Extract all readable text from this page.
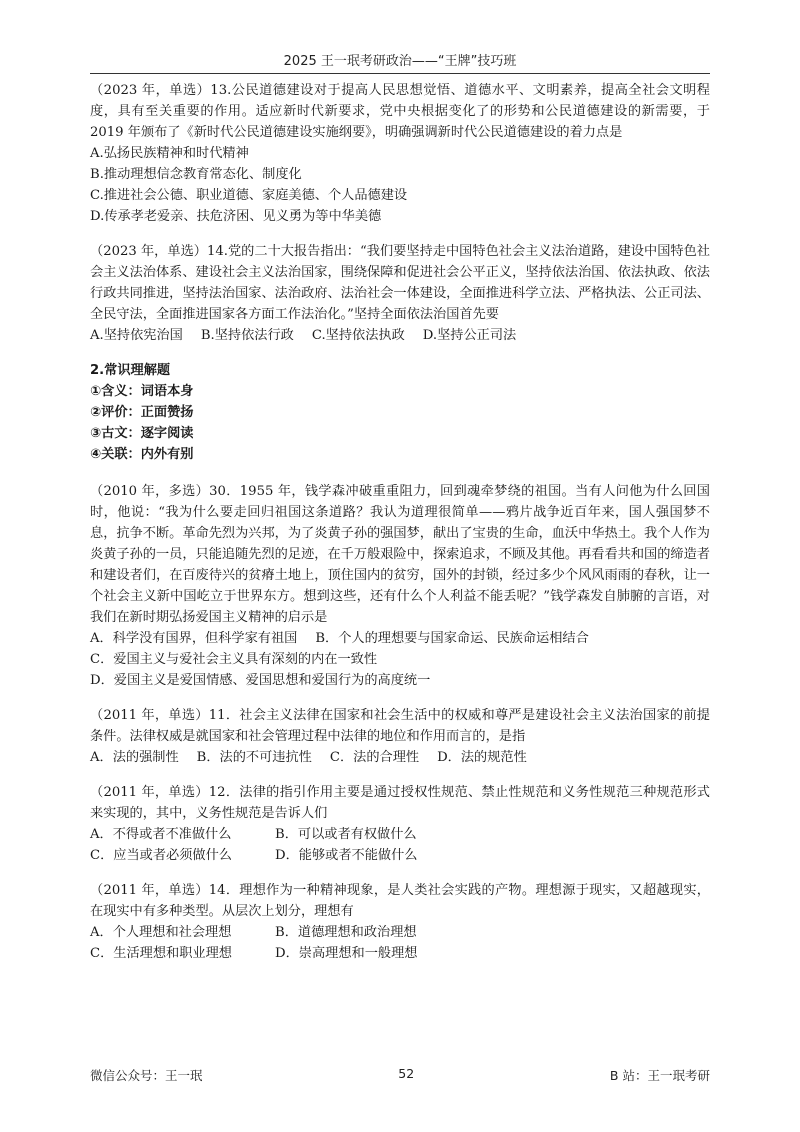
2025 王一珉考研政治——“王牌”技巧班

（2023 年，单选）13.公民道德建设对于提高人民思想觉悟、道德水平、文明素养，提高全社会文明程度，具有至关重要的作用。适应新时代新要求，党中央根据变化了的形势和公民道德建设的新需要，于 2019 年颁布了《新时代公民道德建设实施纲要》，明确强调新时代公民道德建设的着力点是

A.弘扬民族精神和时代精神

B.推动理想信念教育常态化、制度化

C.推进社会公德、职业道德、家庭美德、个人品德建设

D.传承孝老爱亲、扶危济困、见义勇为等中华美德

（2023 年，单选）14.党的二十大报告指出：“我们要坚持走中国特色社会主义法治道路，建设中国特色社会主义法治体系、建设社会主义法治国家，围绕保障和促进社会公平正义，坚持依法治国、依法执政、依法行政共同推进，坚持法治国家、法治政府、法治社会一体建设，全面推进科学立法、严格执法、公正司法、全民守法，全面推进国家各方面工作法治化。”坚持全面依法治国首先要

A.坚持依宪治国 B.坚持依法行政 C.坚持依法执政 D.坚持公正司法

2.常识理解题

①含义：词语本身

②评价：正面赞扬

③古文：逐字阅读

④关联：内外有别

（2010 年，多选）30．1955 年，钱学森冲破重重阻力，回到魂牵梦绕的祖国。当有人问他为什么回国时，他说：“我为什么要走回归祖国这条道路？我认为道理很简单——鸦片战争近百年来，国人强国梦不息，抗争不断。革命先烈为兴邦，为了炎黄子孙的强国梦，献出了宝贵的生命，血沃中华热土。我个人作为炎黄子孙的一员，只能追随先烈的足迹，在千万般艰险中，探索追求，不顾及其他。再看看共和国的缔造者和建设者们，在百废待兴的贫瘠土地上，顶住国内的贫穷，国外的封锁，经过多少个风风雨雨的春秋，让一个社会主义新中国屹立于世界东方。想到这些，还有什么个人利益不能丢呢？”钱学森发自肺腑的言语，对我们在新时期弘扬爱国主义精神的启示是

A．科学没有国界，但科学家有祖国 B．个人的理想要与国家命运、民族命运相结合

C．爱国主义与爱社会主义具有深刻的内在一致性

D．爱国主义是爱国情感、爱国思想和爱国行为的高度统一

（2011 年，单选）11．社会主义法律在国家和社会生活中的权威和尊严是建设社会主义法治国家的前提条件。法律权威是就国家和社会管理过程中法律的地位和作用而言的，是指

A．法的强制性 B．法的不可违抗性 C．法的合理性 D．法的规范性

（2011 年，单选）12．法律的指引作用主要是通过授权性规范、禁止性规范和义务性规范三种规范形式来实现的，其中，义务性规范是告诉人们

A．不得或者不准做什么	B．可以或者有权做什么
C．应当或者必须做什么	D．能够或者不能做什么

（2011 年，单选）14．理想作为一种精神现象，是人类社会实践的产物。理想源于现实，又超越现实，在现实中有多种类型。从层次上划分，理想有

A．个人理想和社会理想	B．道德理想和政治理想
C．生活理想和职业理想	D．崇高理想和一般理想
微信公众号：王一珉	52	B 站：王一珉考研
